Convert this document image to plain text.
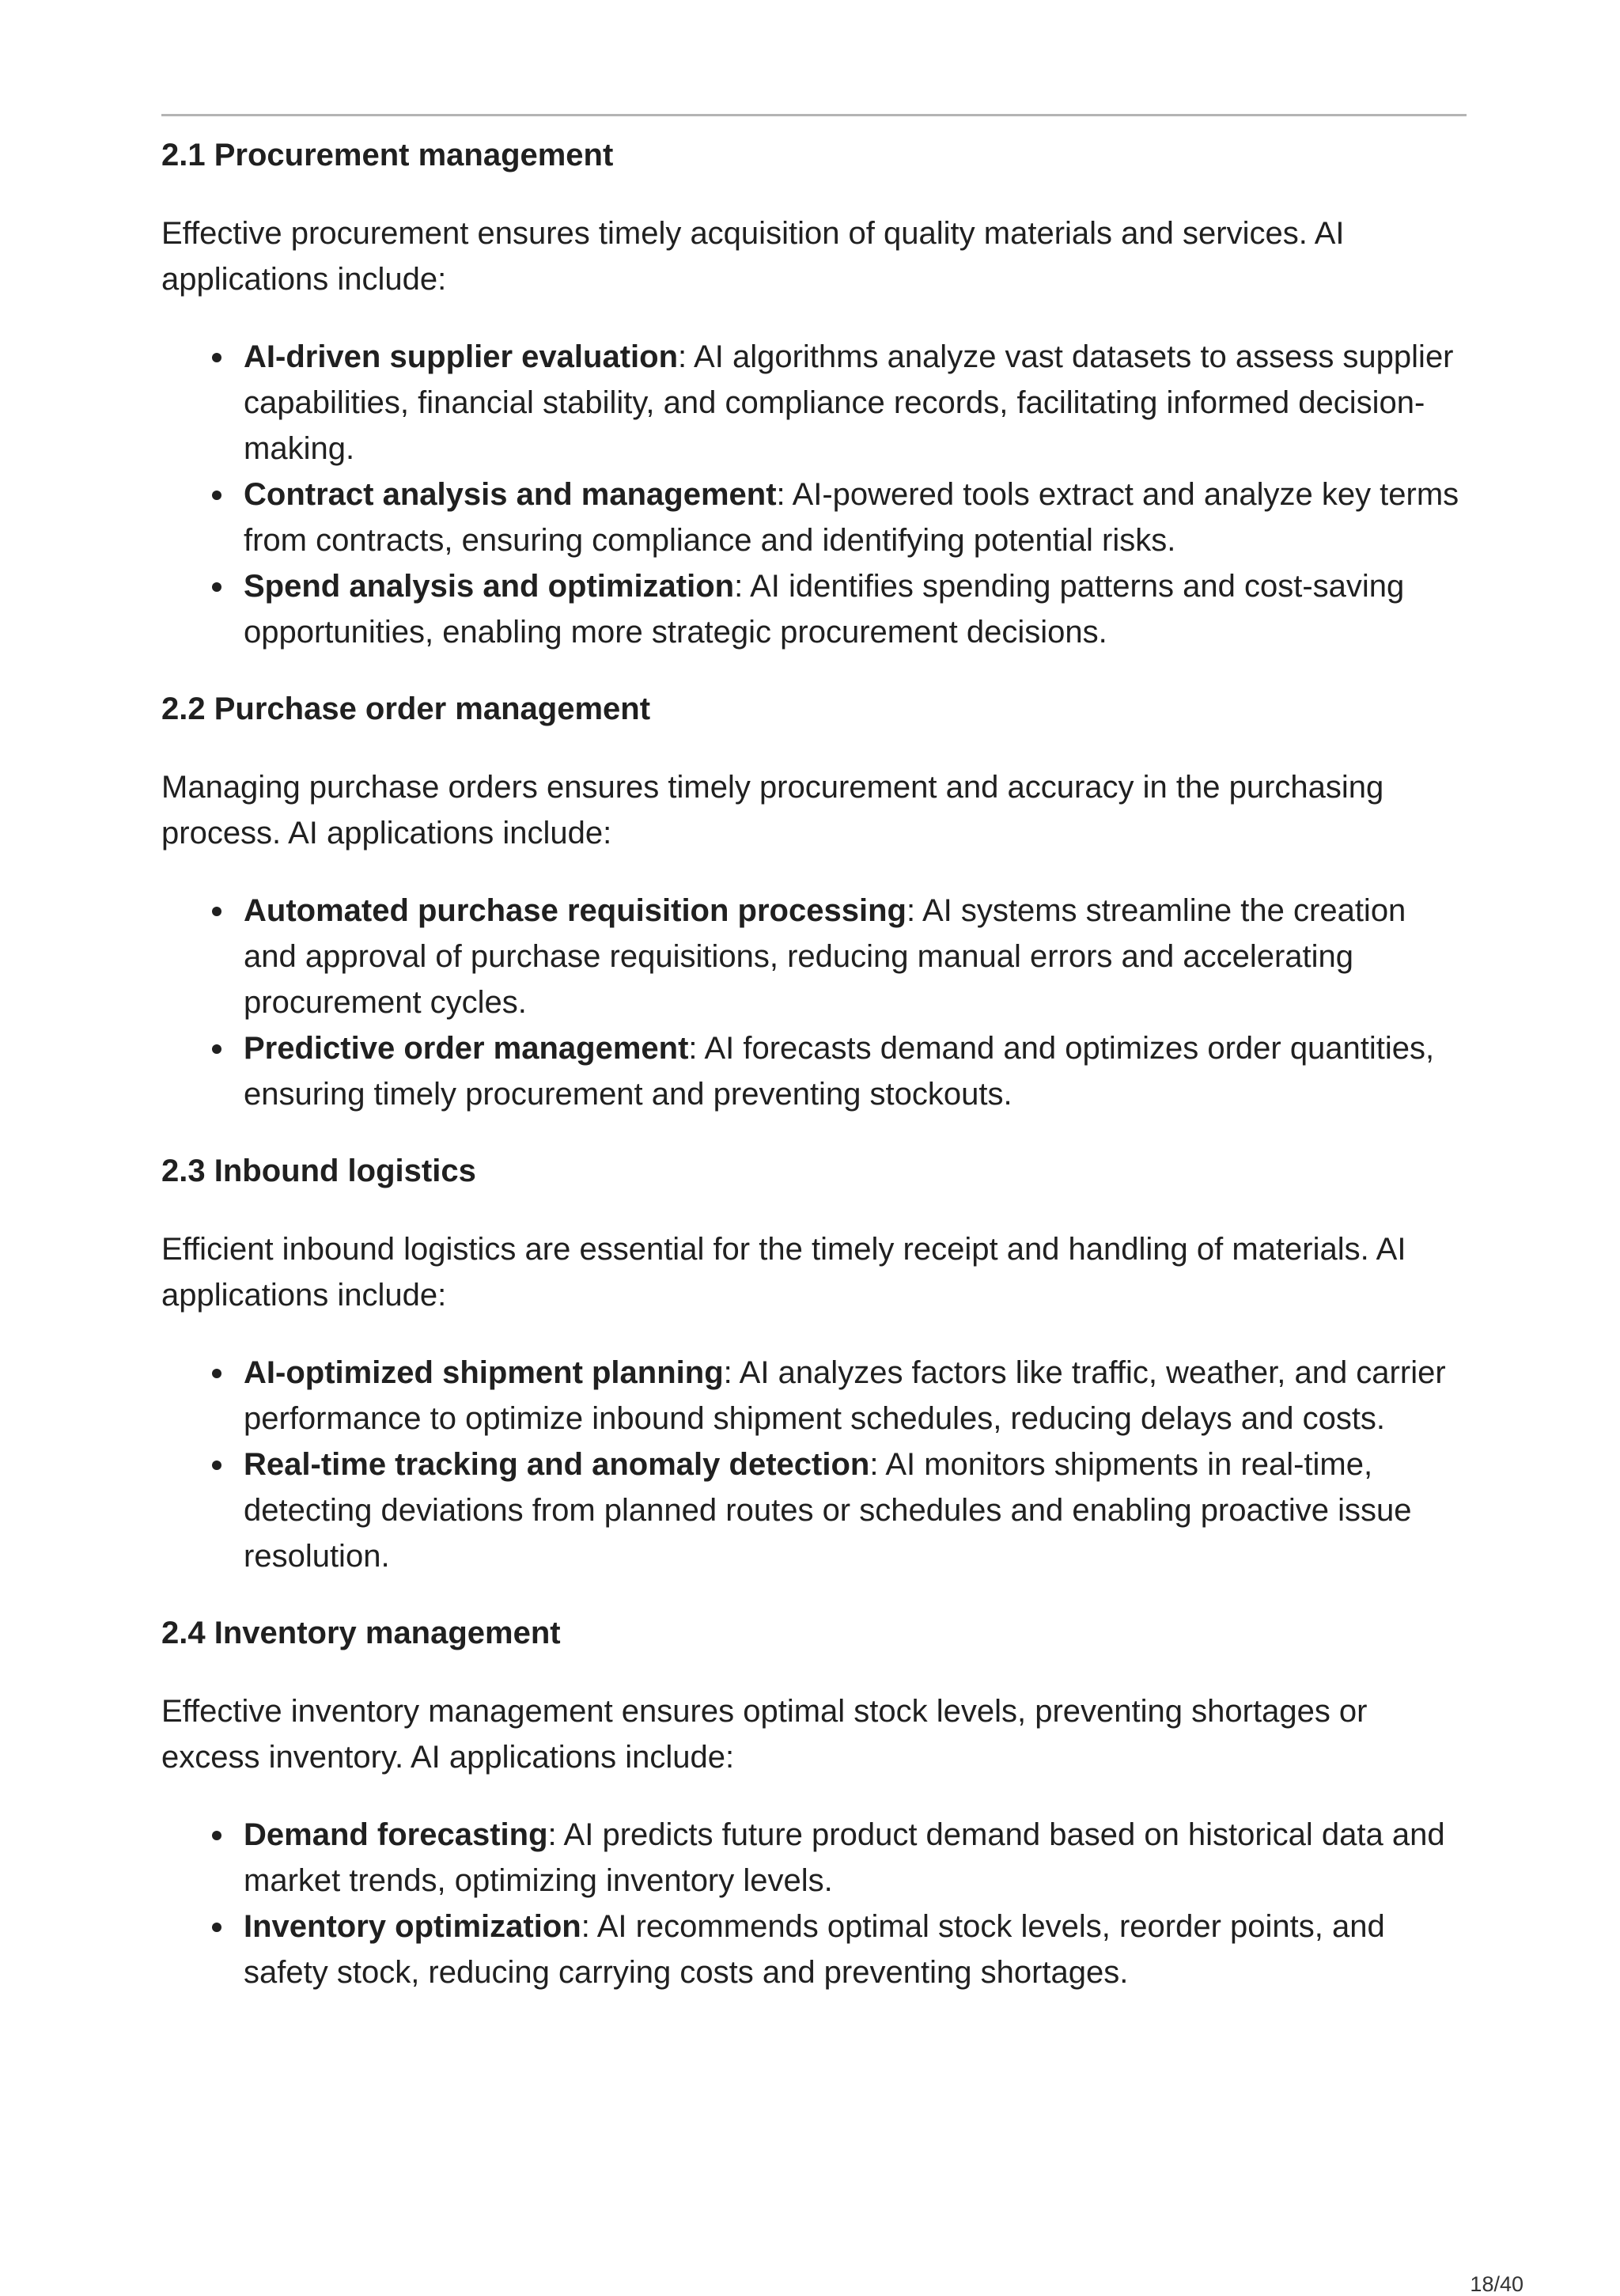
2.1 Procurement management

Effective procurement ensures timely acquisition of quality materials and services. AI applications include:

AI-driven supplier evaluation: AI algorithms analyze vast datasets to assess supplier capabilities, financial stability, and compliance records, facilitating informed decision-making.
Contract analysis and management: AI-powered tools extract and analyze key terms from contracts, ensuring compliance and identifying potential risks.
Spend analysis and optimization: AI identifies spending patterns and cost-saving opportunities, enabling more strategic procurement decisions.
2.2 Purchase order management

Managing purchase orders ensures timely procurement and accuracy in the purchasing process. AI applications include:

Automated purchase requisition processing: AI systems streamline the creation and approval of purchase requisitions, reducing manual errors and accelerating procurement cycles.
Predictive order management: AI forecasts demand and optimizes order quantities, ensuring timely procurement and preventing stockouts.
2.3 Inbound logistics

Efficient inbound logistics are essential for the timely receipt and handling of materials. AI applications include:

AI-optimized shipment planning: AI analyzes factors like traffic, weather, and carrier performance to optimize inbound shipment schedules, reducing delays and costs.
Real-time tracking and anomaly detection: AI monitors shipments in real-time, detecting deviations from planned routes or schedules and enabling proactive issue resolution.
2.4 Inventory management

Effective inventory management ensures optimal stock levels, preventing shortages or excess inventory. AI applications include:

Demand forecasting: AI predicts future product demand based on historical data and market trends, optimizing inventory levels.
Inventory optimization: AI recommends optimal stock levels, reorder points, and safety stock, reducing carrying costs and preventing shortages.
18/40
